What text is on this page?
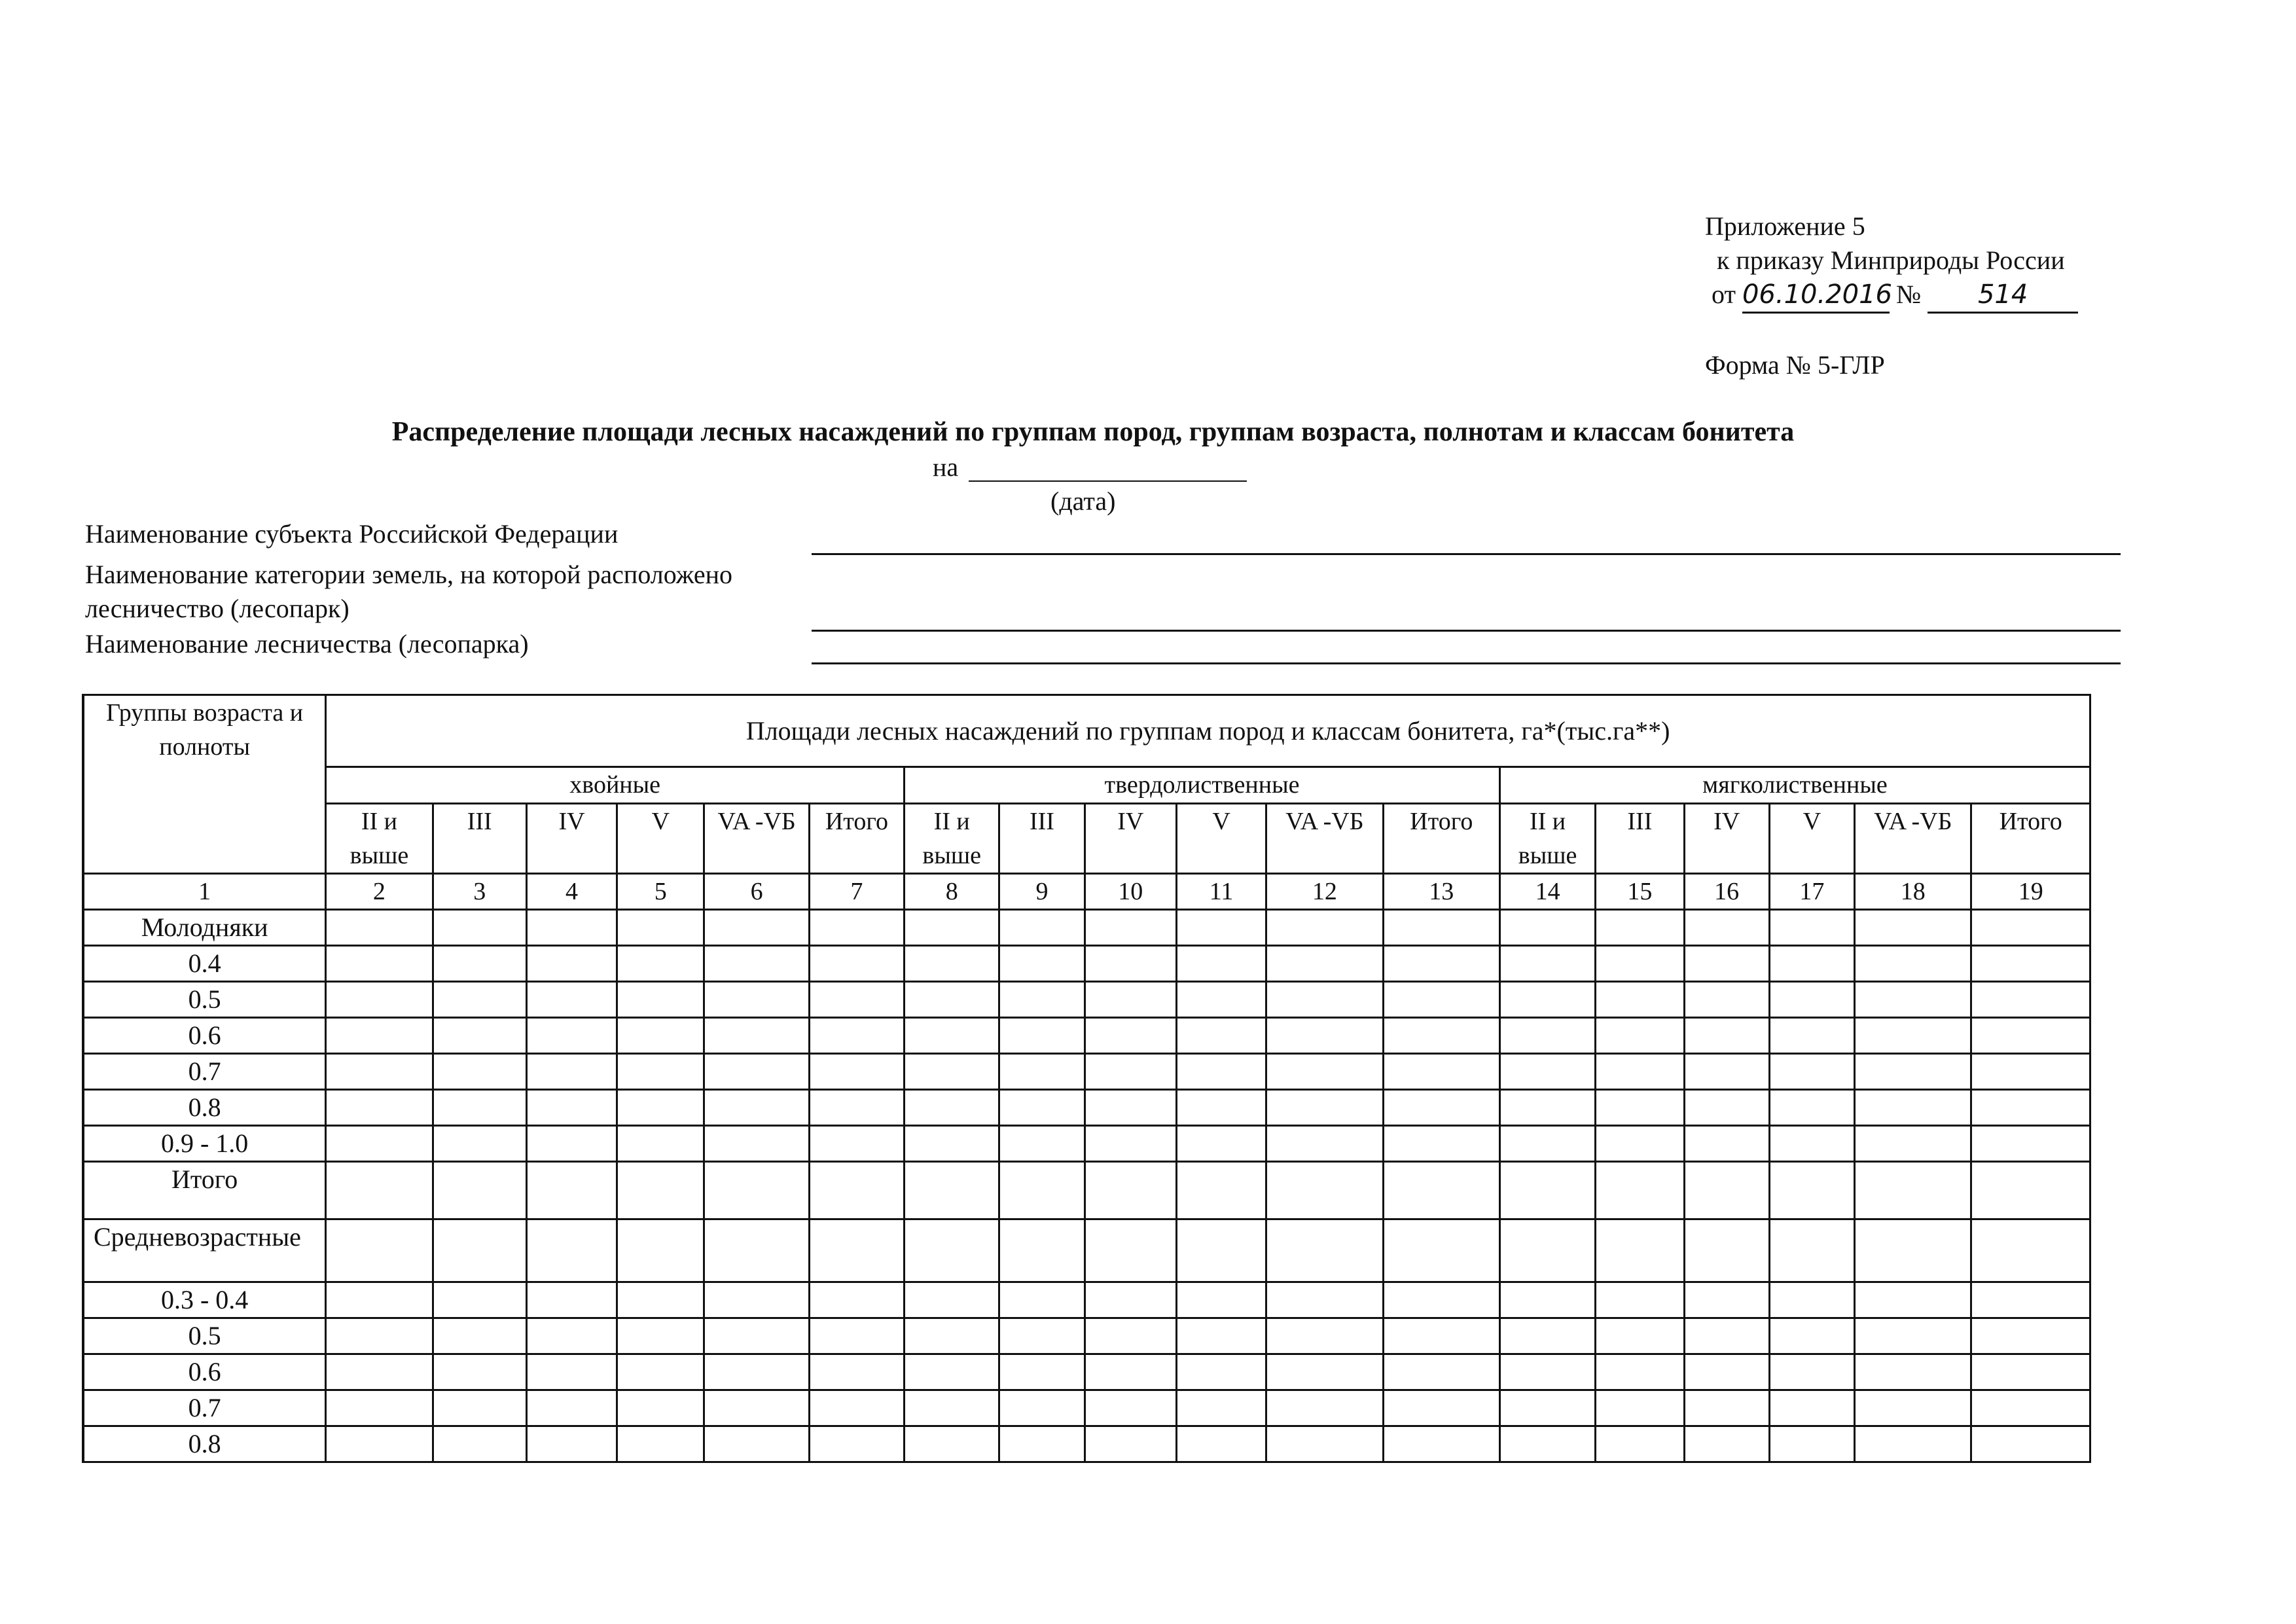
Приложение 5
к приказу Минприроды России
от 06.10.2016 № 514
Форма № 5-ГЛР
Распределение площади лесных насаждений по группам пород, группам возраста, полнотам и классам бонитета
на
(дата)
Наименование субъекта Российской Федерации
Наименование категории земель, на которой расположено
лесничество (лесопарк)
Наименование лесничества (лесопарка)
Группы возраста и полноты	Площади лесных насаждений по группам пород и классам бонитета, га*(тыс.га**)																	
	хвойные						твердолиственные						мягколиственные					
	II и выше	III	IV	V	VA -VБ	Итого	II и выше	III	IV	V	VA -VБ	Итого	II и выше	III	IV	V	VA -VБ	Итого
1	2	3	4	5	6	7	8	9	10	11	12	13	14	15	16	17	18	19
Молодняки																		
0.4																		
0.5																		
0.6																		
0.7																		
0.8																		
0.9 - 1.0																		
Итого																		
Средневозрастные																		
0.3 - 0.4																		
0.5																		
0.6																		
0.7																		
0.8																		
